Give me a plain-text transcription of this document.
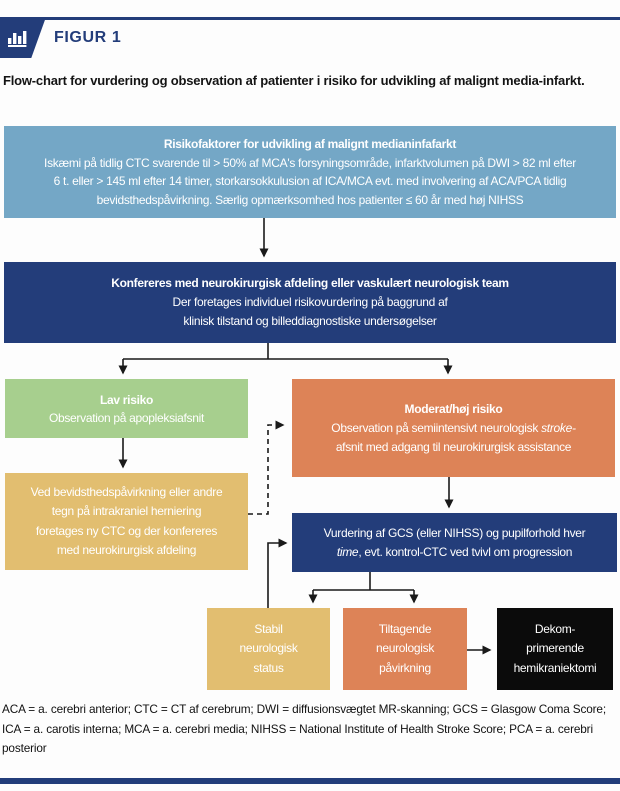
FIGUR 1
Flow-chart for vurdering og observation af patienter i risiko for udvikling af malignt media-infarkt.
Risikofaktorer for udvikling af malignt medianinfafarkt
Iskæmi på tidlig CTC svarende til > 50% af MCA's forsyningsområde, infarktvolumen på DWI > 82 ml efter
6 t. eller > 145 ml efter 14 timer, storkarsokkulusion af ICA/MCA evt. med involvering af ACA/PCA tidlig
bevidsthedspåvirkning. Særlig opmærksomhed hos patienter ≤ 60 år med høj NIHSS
Konfereres med neurokirurgisk afdeling eller vaskulært neurologisk team
Der foretages individuel risikovurdering på baggrund af
klinisk tilstand og billeddiagnostiske undersøgelser
Lav risiko
Observation på apopleksiafsnit
Moderat/høj risiko
Observation på semiintensivt neurologisk stroke-
afsnit med adgang til neurokirurgisk assistance
Ved bevidsthedspåvirkning eller andre
tegn på intrakraniel herniering
foretages ny CTC og der konfereres
med neurokirurgisk afdeling
Vurdering af GCS (eller NIHSS) og pupilforhold hver
time, evt. kontrol-CTC ved tvivl om progression
Stabil
neurologisk
status
Tiltagende
neurologisk
påvirkning
Dekom-
primerende
hemikraniektomi
ACA = a. cerebri anterior; CTC = CT af cerebrum; DWI = diffusionsvægtet MR-skanning; GCS = Glasgow Coma Score; ICA = a. carotis interna; MCA = a. cerebri media; NIHSS = National Institute of Health Stroke Score; PCA = a. cerebri posterior
